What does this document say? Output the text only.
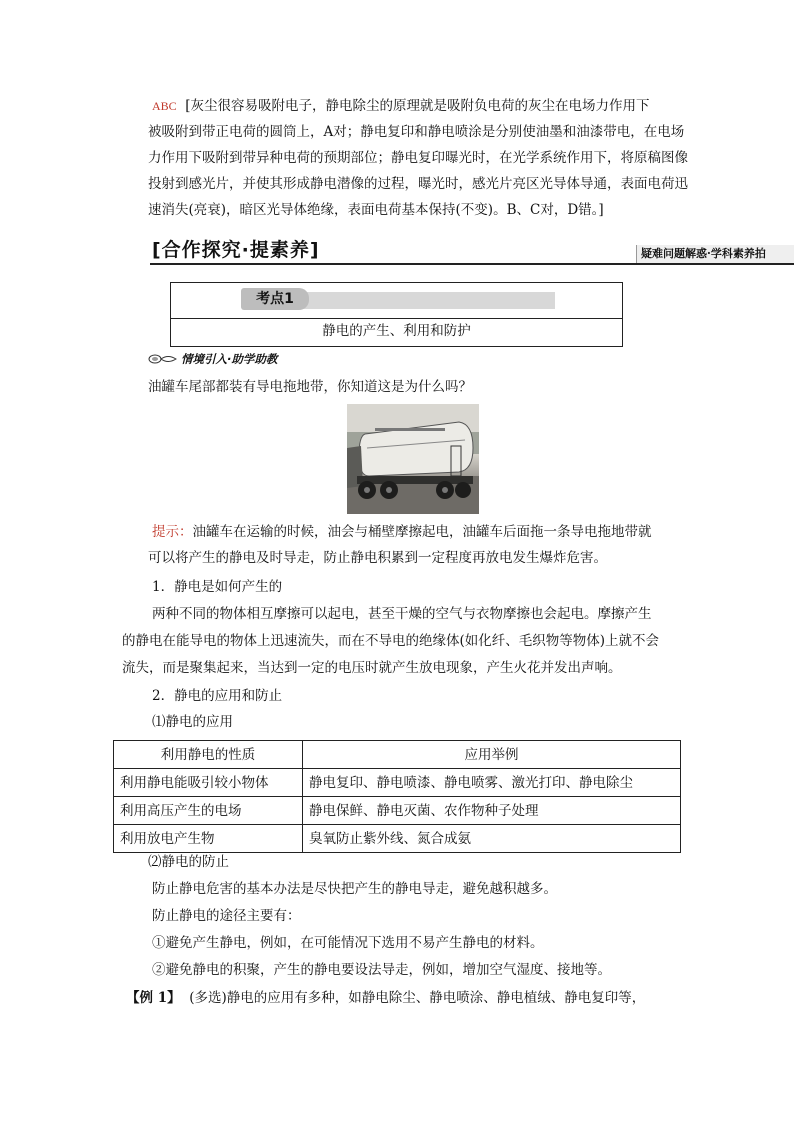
ABC [灰尘很容易吸附电子，静电除尘的原理就是吸附负电荷的灰尘在电场力作用下
被吸附到带正电荷的圆筒上，A对；静电复印和静电喷涂是分别使油墨和油漆带电，在电场
力作用下吸附到带异种电荷的预期部位；静电复印曝光时，在光学系统作用下，将原稿图像
投射到感光片，并使其形成静电潜像的过程，曝光时，感光片亮区光导体导通，表面电荷迅
速消失(亮衰)，暗区光导体绝缘，表面电荷基本保持(不变)。B、C对，D错。]
[合作探究·提素养]	疑难问题解惑·学科素养拍
考点1
静电的产生、利用和防护
情境引入·助学助教
油罐车尾部都装有导电拖地带，你知道这是为什么吗？
提示：油罐车在运输的时候，油会与桶壁摩擦起电，油罐车后面拖一条导电拖地带就
可以将产生的静电及时导走，防止静电积累到一定程度再放电发生爆炸危害。
1．静电是如何产生的
两种不同的物体相互摩擦可以起电，甚至干燥的空气与衣物摩擦也会起电。摩擦产生
的静电在能导电的物体上迅速流失，而在不导电的绝缘体(如化纤、毛织物等物体)上就不会
流失，而是聚集起来，当达到一定的电压时就产生放电现象，产生火花并发出声响。
2．静电的应用和防止
⑴静电的应用
利用静电的性质	应用举例
利用静电能吸引较小物体	静电复印、静电喷漆、静电喷雾、激光打印、静电除尘
利用高压产生的电场	静电保鲜、静电灭菌、农作物种子处理
利用放电产生物	臭氧防止紫外线、氮合成氨
⑵静电的防止
防止静电危害的基本办法是尽快把产生的静电导走，避免越积越多。
防止静电的途径主要有：
①避免产生静电，例如，在可能情况下选用不易产生静电的材料。
②避免静电的积聚，产生的静电要设法导走，例如，增加空气湿度、接地等。
【例 1】 (多选)静电的应用有多种，如静电除尘、静电喷涂、静电植绒、静电复印等，
